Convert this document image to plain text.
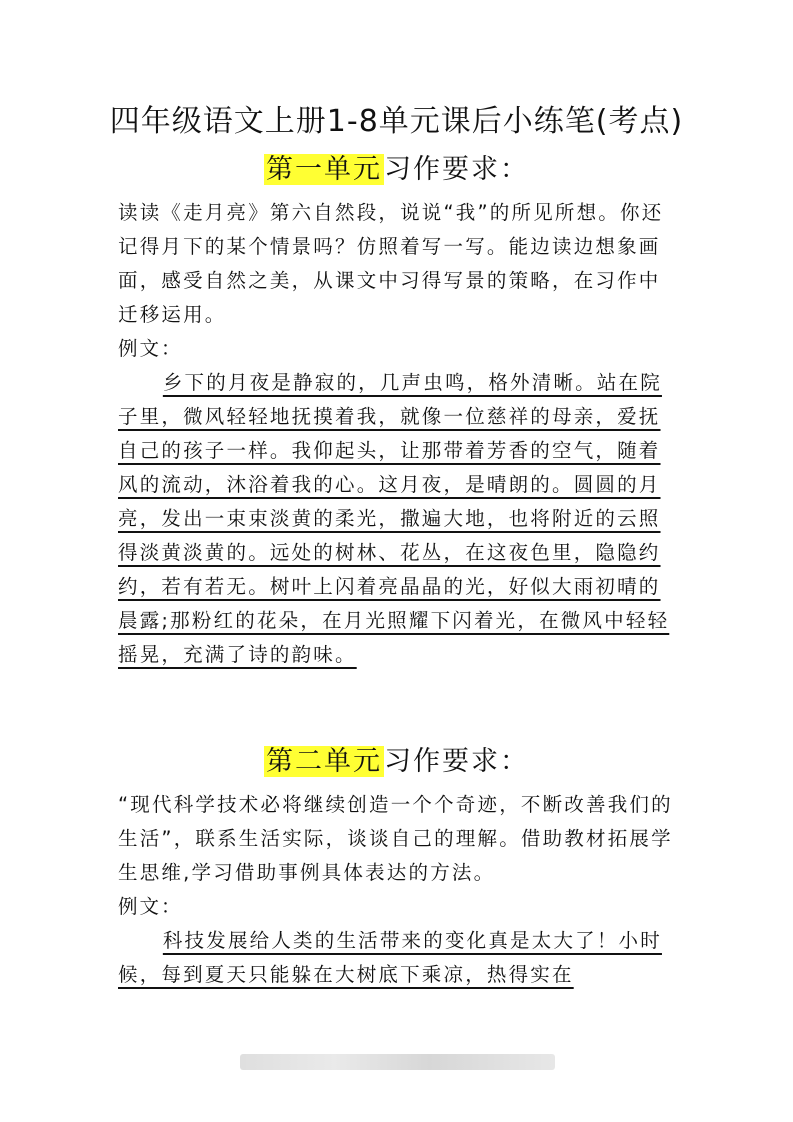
四年级语文上册1-8单元课后小练笔(考点)
第一单元习作要求：

读读《走月亮》第六自然段，说说“我”的所见所想。你还记得月下的某个情景吗？仿照着写一写。能边读边想象画面，感受自然之美，从课文中习得写景的策略，在习作中迁移运用。

例文：

乡下的月夜是静寂的，几声虫鸣，格外清晰。站在院子里，微风轻轻地抚摸着我，就像一位慈祥的母亲，爱抚自己的孩子一样。我仰起头，让那带着芳香的空气，随着风的流动，沐浴着我的心。这月夜，是晴朗的。圆圆的月亮，发出一束束淡黄的柔光，撒遍大地，也将附近的云照得淡黄淡黄的。远处的树林、花丛，在这夜色里，隐隐约约，若有若无。树叶上闪着亮晶晶的光，好似大雨初晴的晨露;那粉红的花朵，在月光照耀下闪着光，在微风中轻轻摇晃，充满了诗的韵味。

第二单元习作要求：

“现代科学技术必将继续创造一个个奇迹，不断改善我们的生活”，联系生活实际，谈谈自己的理解。借助教材拓展学生思维,学习借助事例具体表达的方法。

例文：

科技发展给人类的生活带来的变化真是太大了！小时候，每到夏天只能躲在大树底下乘凉，热得实在
